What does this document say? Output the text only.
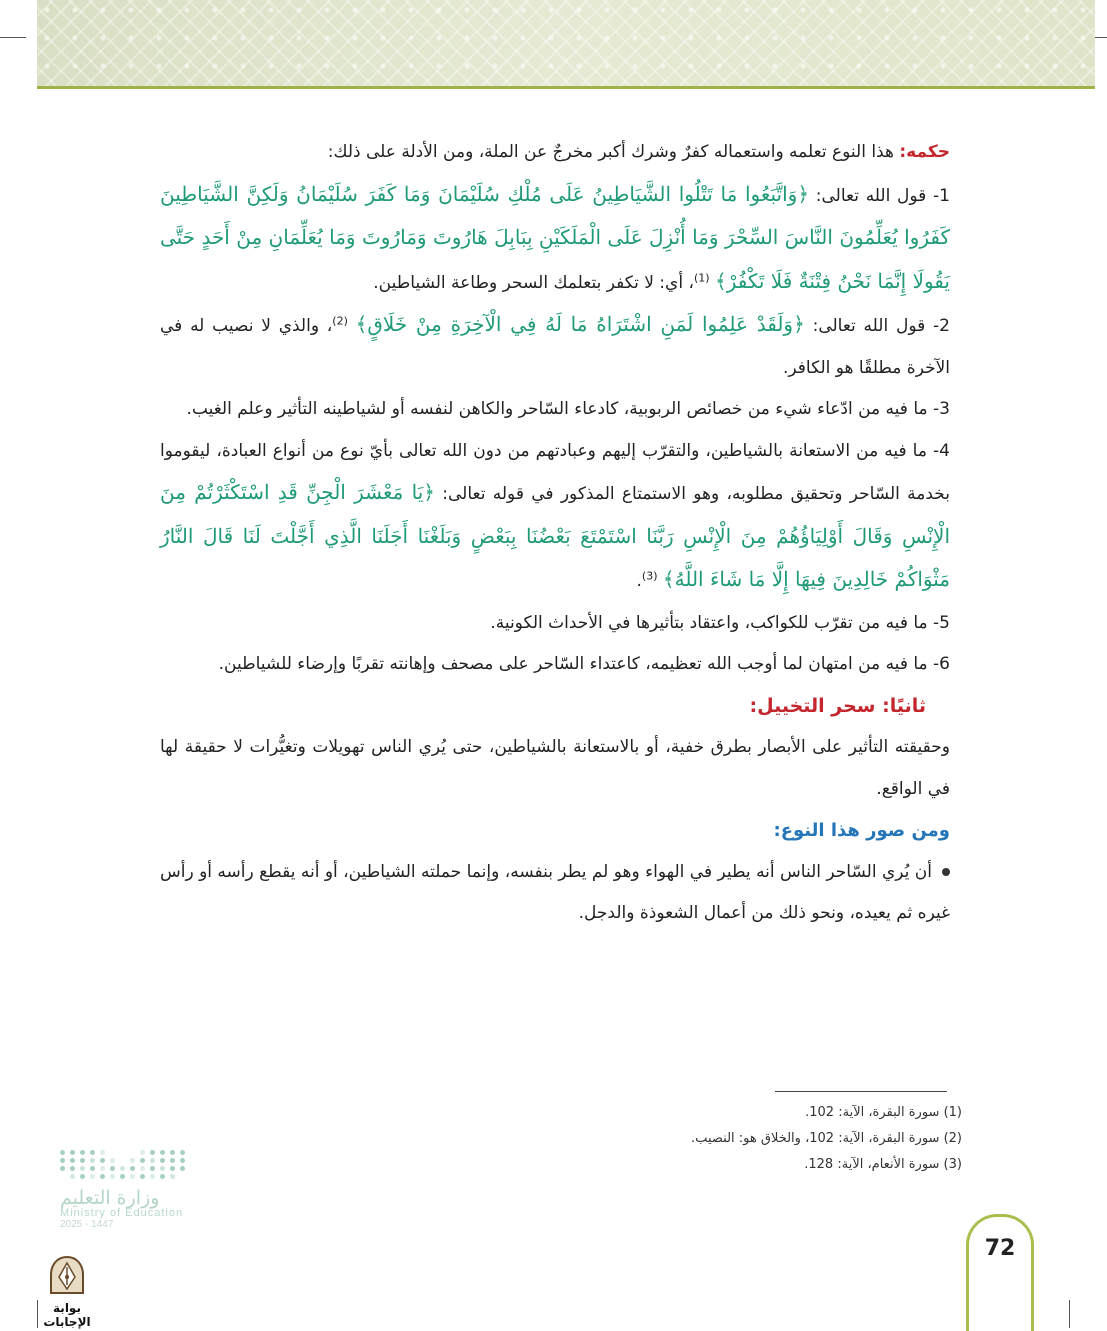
حكمه: هذا النوع تعلمه واستعماله كفرٌ وشرك أكبر مخرجٌ عن الملة، ومن الأدلة على ذلك:

1- قول الله تعالى: ﴿وَاتَّبَعُوا مَا تَتْلُوا الشَّيَاطِينُ عَلَى مُلْكِ سُلَيْمَانَ وَمَا كَفَرَ سُلَيْمَانُ وَلَكِنَّ الشَّيَاطِينَ كَفَرُوا يُعَلِّمُونَ النَّاسَ السِّحْرَ وَمَا أُنْزِلَ عَلَى الْمَلَكَيْنِ بِبَابِلَ هَارُوتَ وَمَارُوتَ وَمَا يُعَلِّمَانِ مِنْ أَحَدٍ حَتَّى يَقُولَا إِنَّمَا نَحْنُ فِتْنَةٌ فَلَا تَكْفُرْ﴾ $^{(1)}$، أي: لا تكفر بتعلمك السحر وطاعة الشياطين.

2- قول الله تعالى: ﴿وَلَقَدْ عَلِمُوا لَمَنِ اشْتَرَاهُ مَا لَهُ فِي الْآخِرَةِ مِنْ خَلَاقٍ﴾ $^{(2)}$، والذي لا نصيب له في الآخرة مطلقًا هو الكافر.

3- ما فيه من ادّعاء شيء من خصائص الربوبية، كادعاء السّاحر والكاهن لنفسه أو لشياطينه التأثير وعلم الغيب.

4- ما فيه من الاستعانة بالشياطين، والتقرّب إليهم وعبادتهم من دون الله تعالى بأيّ نوع من أنواع العبادة، ليقوموا بخدمة السّاحر وتحقيق مطلوبه، وهو الاستمتاع المذكور في قوله تعالى: ﴿يَا مَعْشَرَ الْجِنِّ قَدِ اسْتَكْثَرْتُمْ مِنَ الْإِنْسِ وَقَالَ أَوْلِيَاؤُهُمْ مِنَ الْإِنْسِ رَبَّنَا اسْتَمْتَعَ بَعْضُنَا بِبَعْضٍ وَبَلَغْنَا أَجَلَنَا الَّذِي أَجَّلْتَ لَنَا قَالَ النَّارُ مَثْوَاكُمْ خَالِدِينَ فِيهَا إِلَّا مَا شَاءَ اللَّهُ﴾ $^{(3)}$.

5- ما فيه من تقرّب للكواكب، واعتقاد بتأثيرها في الأحداث الكونية.

6- ما فيه من امتهان لما أوجب الله تعظيمه، كاعتداء السّاحر على مصحف وإهانته تقربًا وإرضاء للشياطين.

ثانيًا: سحر التخييل:

وحقيقته التأثير على الأبصار بطرق خفية، أو بالاستعانة بالشياطين، حتى يُري الناس تهويلات وتغيُّرات لا حقيقة لها في الواقع.

ومن صور هذا النوع:

أن يُري السّاحر الناس أنه يطير في الهواء وهو لم يطر بنفسه، وإنما حملته الشياطين، أو أنه يقطع رأسه أو رأس غيره ثم يعيده، ونحو ذلك من أعمال الشعوذة والدجل.

(1) سورة البقرة، الآية: 102.
(2) سورة البقرة، الآية: 102، والخلاق هو: النصيب.
(3) سورة الأنعام، الآية: 128.
وزارة التعليم
Ministry of Education
2025 - 1447
بوابة الإجابات
72
